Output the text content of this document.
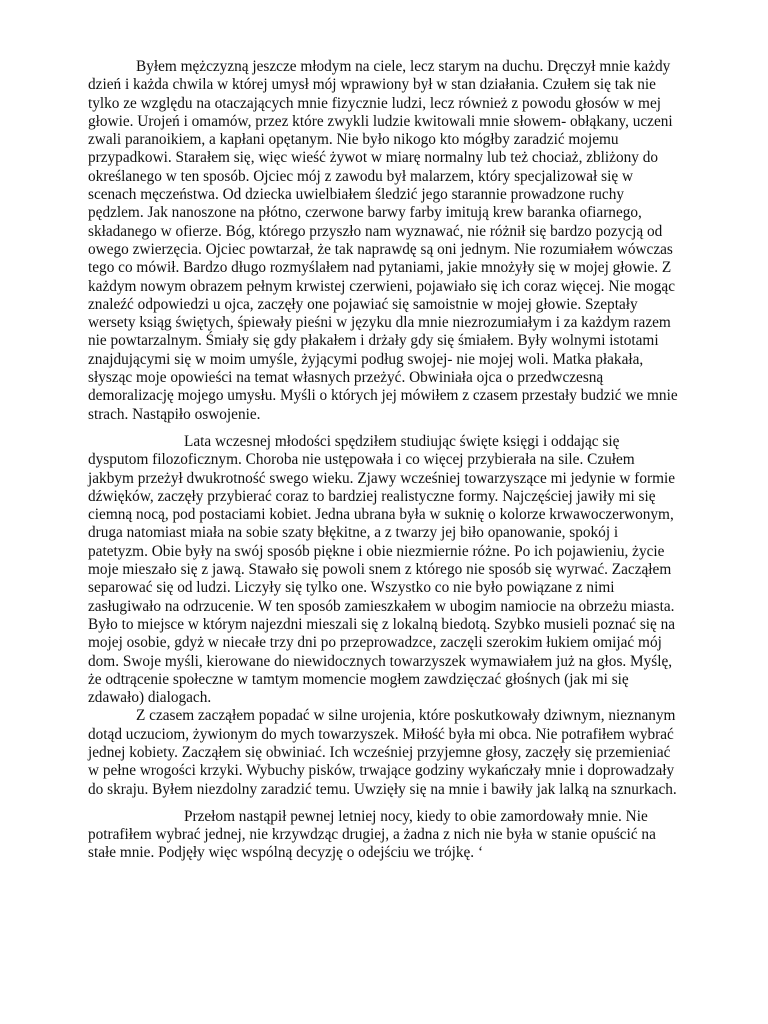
Byłem mężczyzną jeszcze młodym na ciele, lecz starym na duchu. Dręczył mnie każdy dzień i każda chwila w której umysł mój wprawiony był w stan działania. Czułem się tak nie tylko ze względu na otaczających mnie fizycznie ludzi, lecz również z powodu głosów w mej głowie. Urojeń i omamów, przez które zwykli ludzie kwitowali mnie słowem- obłąkany, uczeni zwali paranoikiem, a kapłani opętanym. Nie było nikogo kto mógłby zaradzić mojemu przypadkowi. Starałem się, więc wieść żywot w miarę normalny lub też chociaż, zbliżony do określanego w ten sposób. Ojciec mój z zawodu był malarzem, który specjalizował się w scenach męczeństwa. Od dziecka uwielbiałem śledzić jego starannie prowadzone ruchy pędzlem. Jak nanoszone na płótno, czerwone barwy farby imitują krew baranka ofiarnego, składanego w ofierze. Bóg, którego przyszło nam wyznawać, nie różnił się bardzo pozycją od owego zwierzęcia. Ojciec powtarzał, że tak naprawdę są oni jednym. Nie rozumiałem wówczas tego co mówił. Bardzo długo rozmyślałem nad pytaniami, jakie mnożyły się w mojej głowie. Z każdym nowym obrazem pełnym krwistej czerwieni, pojawiało się ich coraz więcej. Nie mogąc znaleźć odpowiedzi u ojca, zaczęły one pojawiać się samoistnie w mojej głowie. Szeptały wersety ksiąg świętych, śpiewały pieśni w języku dla mnie niezrozumiałym i za każdym razem nie powtarzalnym. Śmiały się gdy płakałem i drżały gdy się śmiałem. Były wolnymi istotami znajdującymi się w moim umyśle, żyjącymi podług swojej- nie mojej woli. Matka płakała, słysząc moje opowieści na temat własnych przeżyć. Obwiniała ojca o przedwczesną demoralizację mojego umysłu. Myśli o których jej mówiłem z czasem przestały budzić we mnie strach. Nastąpiło oswojenie.

Lata wczesnej młodości spędziłem studiując święte księgi i oddając się dysputom filozoficznym. Choroba nie ustępowała i co więcej przybierała na sile. Czułem jakbym przeżył dwukrotność swego wieku. Zjawy wcześniej towarzyszące mi jedynie w formie dźwięków, zaczęły przybierać coraz to bardziej realistyczne formy. Najczęściej jawiły mi się ciemną nocą, pod postaciami kobiet. Jedna ubrana była w suknię o kolorze krwawoczerwonym, druga natomiast miała na sobie szaty błękitne, a z twarzy jej biło opanowanie, spokój i patetyzm. Obie były na swój sposób piękne i obie niezmiernie różne. Po ich pojawieniu, życie moje mieszało się z jawą. Stawało się powoli snem z którego nie sposób się wyrwać. Zacząłem separować się od ludzi. Liczyły się tylko one. Wszystko co nie było powiązane z nimi zasługiwało na odrzucenie. W ten sposób zamieszkałem w ubogim namiocie na obrzeżu miasta. Było to miejsce w którym najezdni mieszali się z lokalną biedotą. Szybko musieli poznać się na mojej osobie, gdyż w niecałe trzy dni po przeprowadzce, zaczęli szerokim łukiem omijać mój dom. Swoje myśli, kierowane do niewidocznych towarzyszek wymawiałem już na głos. Myślę, że odtrącenie społeczne w tamtym momencie mogłem zawdzięczać głośnych (jak mi się zdawało) dialogach.

Z czasem zacząłem popadać w silne urojenia, które poskutkowały dziwnym, nieznanym dotąd uczuciom, żywionym do mych towarzyszek. Miłość była mi obca. Nie potrafiłem wybrać jednej kobiety. Zacząłem się obwiniać. Ich wcześniej przyjemne głosy, zaczęły się przemieniać w pełne wrogości krzyki. Wybuchy pisków, trwające godziny wykańczały mnie i doprowadzały do skraju. Byłem niezdolny zaradzić temu. Uwzięły się na mnie i bawiły jak lalką na sznurkach.

Przełom nastąpił pewnej letniej nocy, kiedy to obie zamordowały mnie. Nie potrafiłem wybrać jednej, nie krzywdząc drugiej, a żadna z nich nie była w stanie opuścić na stałe mnie. Podjęły więc wspólną decyzję o odejściu we trójkę. ‘
